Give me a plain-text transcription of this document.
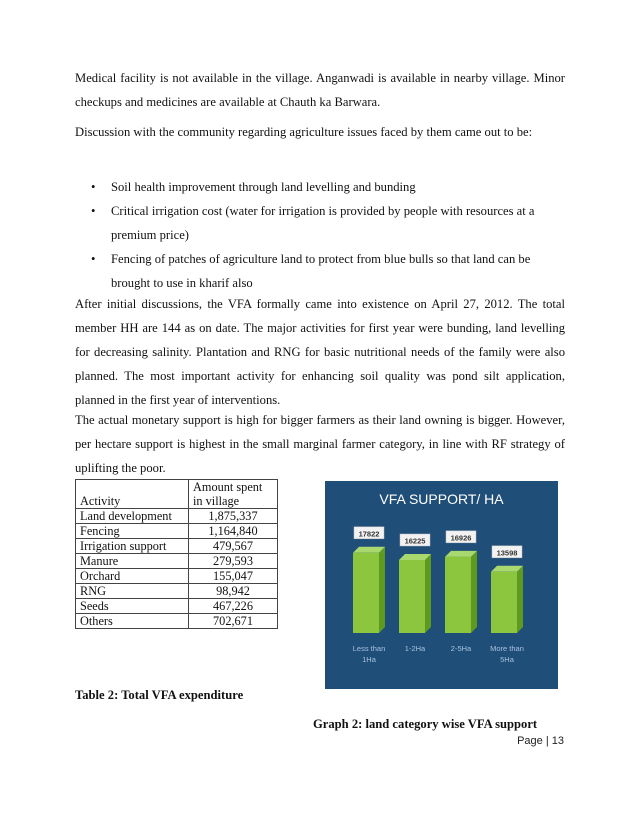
Medical facility is not available in the village. Anganwadi is available in nearby village. Minor checkups and medicines are available at Chauth ka Barwara.

Discussion with the community regarding agriculture issues faced by them came out to be:

• Soil health improvement through land levelling and bunding
• Critical irrigation cost (water for irrigation is provided by people with resources at a premium price)
• Fencing of patches of agriculture land to protect from blue bulls so that land can be brought to use in kharif also

After initial discussions, the VFA formally came into existence on April 27, 2012. The total member HH are 144 as on date. The major activities for first year were bunding, land levelling for decreasing salinity. Plantation and RNG for basic nutritional needs of the family were also planned. The most important activity for enhancing soil quality was pond silt application, planned in the first year of interventions.

The actual monetary support is high for bigger farmers as their land owning is bigger. However, per hectare support is highest in the small marginal farmer category, in line with RF strategy of uplifting the poor.

Activity	Amount spent in village
Land development	1,875,337
Fencing	1,164,840
Irrigation support	479,567
Manure	279,593
Orchard	155,047
RNG	98,942
Seeds	467,226
Others	702,671
Table 2: Total VFA expenditure
VFA SUPPORT/ HA
17822
Less than
1Ha
16225
1-2Ha
16926
2-5Ha
13598
More than
5Ha
Graph 2: land category wise VFA support
Page | 13
